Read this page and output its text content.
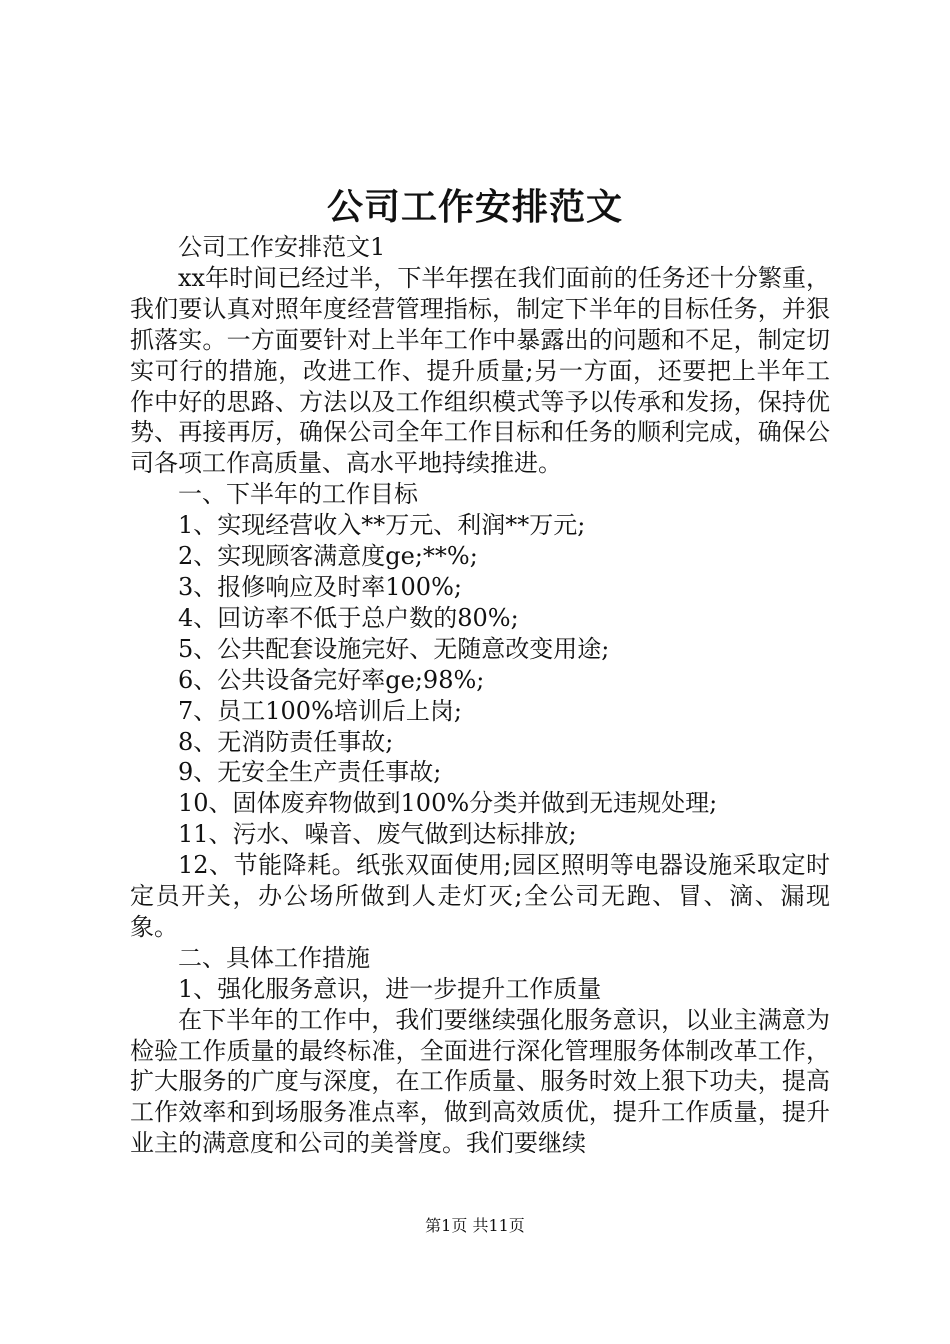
公司工作安排范文

公司工作安排范文1

xx年时间已经过半，下半年摆在我们面前的任务还十分繁重，我们要认真对照年度经营管理指标，制定下半年的目标任务，并狠抓落实。一方面要针对上半年工作中暴露出的问题和不足，制定切实可行的措施，改进工作、提升质量;另一方面，还要把上半年工作中好的思路、方法以及工作组织模式等予以传承和发扬，保持优势、再接再厉，确保公司全年工作目标和任务的顺利完成，确保公司各项工作高质量、高水平地持续推进。

一、下半年的工作目标

1、实现经营收入**万元、利润**万元;

2、实现顾客满意度ge;**%;

3、报修响应及时率100%;

4、回访率不低于总户数的80%;

5、公共配套设施完好、无随意改变用途;

6、公共设备完好率ge;98%;

7、员工100%培训后上岗;

8、无消防责任事故;

9、无安全生产责任事故;

10、固体废弃物做到100%分类并做到无违规处理;

11、污水、噪音、废气做到达标排放;

12、节能降耗。纸张双面使用;园区照明等电器设施采取定时定员开关，办公场所做到人走灯灭;全公司无跑、冒、滴、漏现象。

二、具体工作措施

1、强化服务意识，进一步提升工作质量

在下半年的工作中，我们要继续强化服务意识，以业主满意为检验工作质量的最终标准，全面进行深化管理服务体制改革工作，扩大服务的广度与深度，在工作质量、服务时效上狠下功夫，提高工作效率和到场服务准点率，做到高效质优，提升工作质量，提升业主的满意度和公司的美誉度。我们要继续

第1页 共11页
